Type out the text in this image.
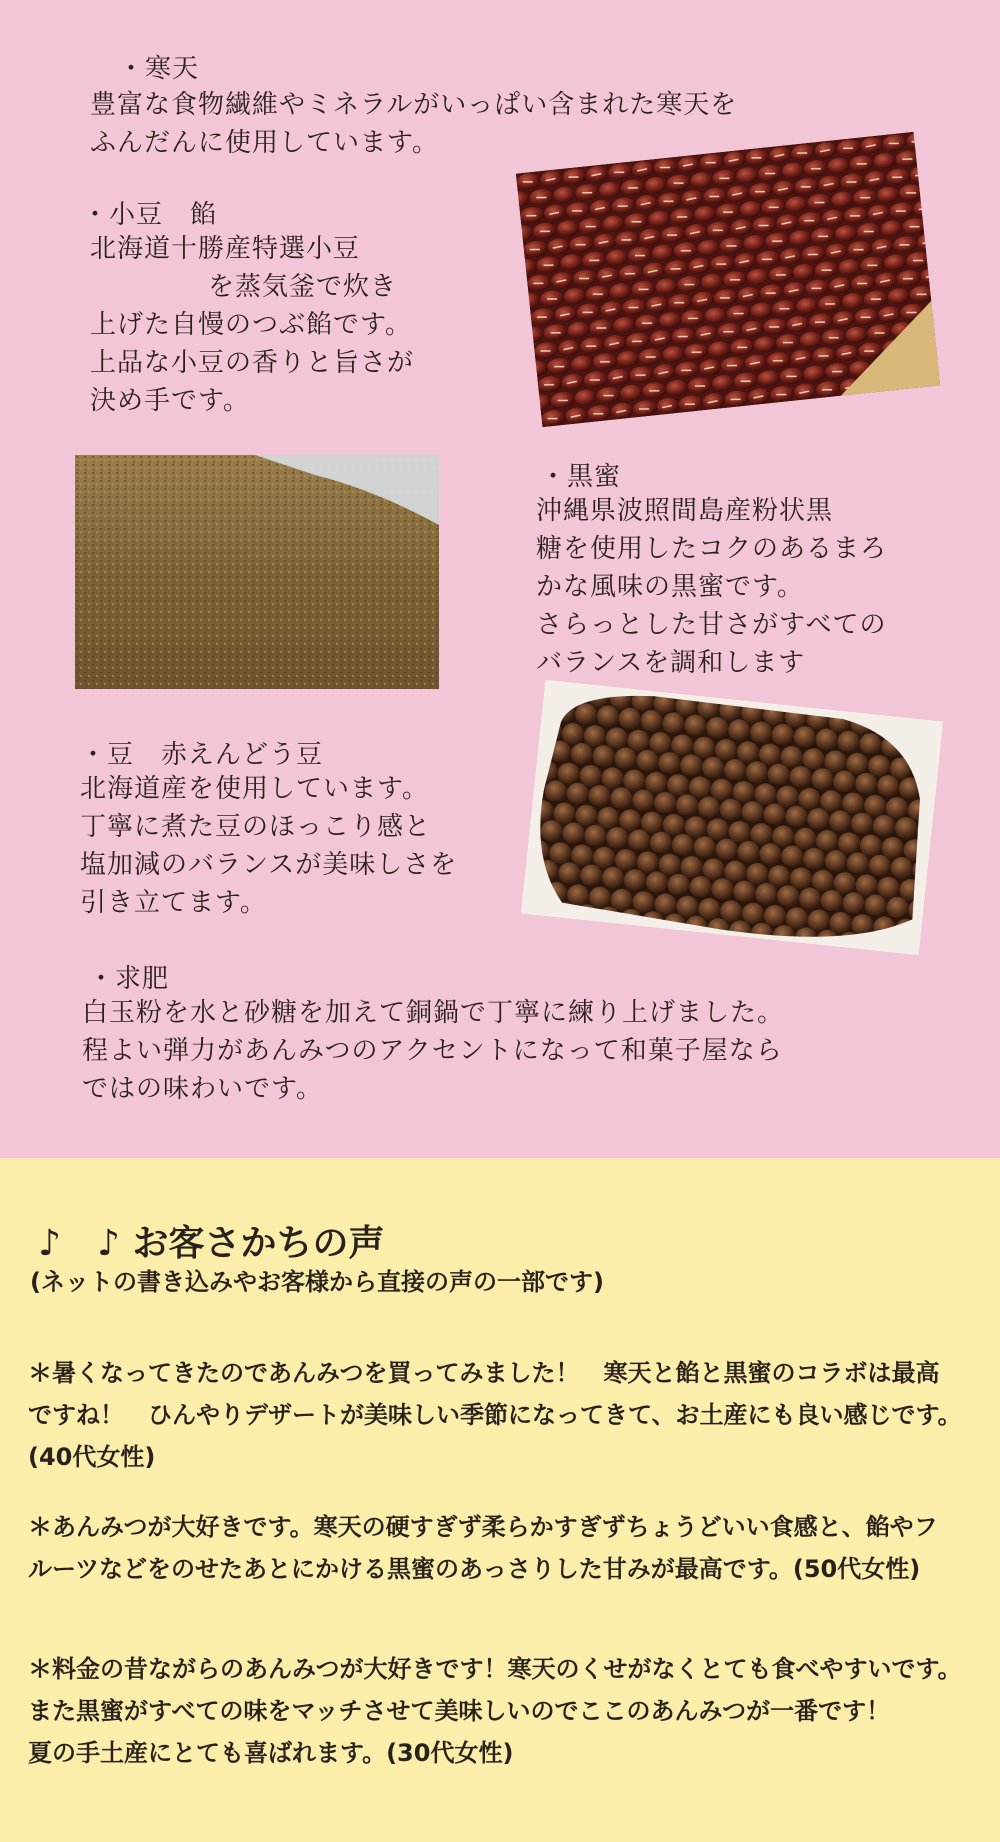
・寒天
豊富な食物繊維やミネラルがいっぱい含まれた寒天を
ふんだんに使用しています。
・小豆　餡
北海道十勝産特選小豆
を蒸気釜で炊き
上げた自慢のつぶ餡です。
上品な小豆の香りと旨さが
決め手です。
・黒蜜
沖縄県波照間島産粉状黒
糖を使用したコクのあるまろ
かな風味の黒蜜です。
さらっとした甘さがすべての
バランスを調和します
・豆　赤えんどう豆
北海道産を使用しています。
丁寧に煮た豆のほっこり感と
塩加減のバランスが美味しさを
引き立てます。
・求肥
白玉粉を水と砂糖を加えて銅鍋で丁寧に練り上げました。
程よい弾力があんみつのアクセントになって和菓子屋なら
ではの味わいです。
♪　♪ お客さかちの声
(ネットの書き込みやお客様から直接の声の一部です)
＊暑くなってきたのであんみつを買ってみました！　寒天と餡と黒蜜のコラボは最高
ですね！　ひんやりデザートが美味しい季節になってきて、お土産にも良い感じです。
(40代女性)
＊あんみつが大好きです。寒天の硬すぎず柔らかすぎずちょうどいい食感と、餡やフ
ルーツなどをのせたあとにかける黒蜜のあっさりした甘みが最高です。(50代女性)
＊料金の昔ながらのあんみつが大好きです！寒天のくせがなくとても食べやすいです。
また黒蜜がすべての味をマッチさせて美味しいのでここのあんみつが一番です！
夏の手土産にとても喜ばれます。(30代女性)
